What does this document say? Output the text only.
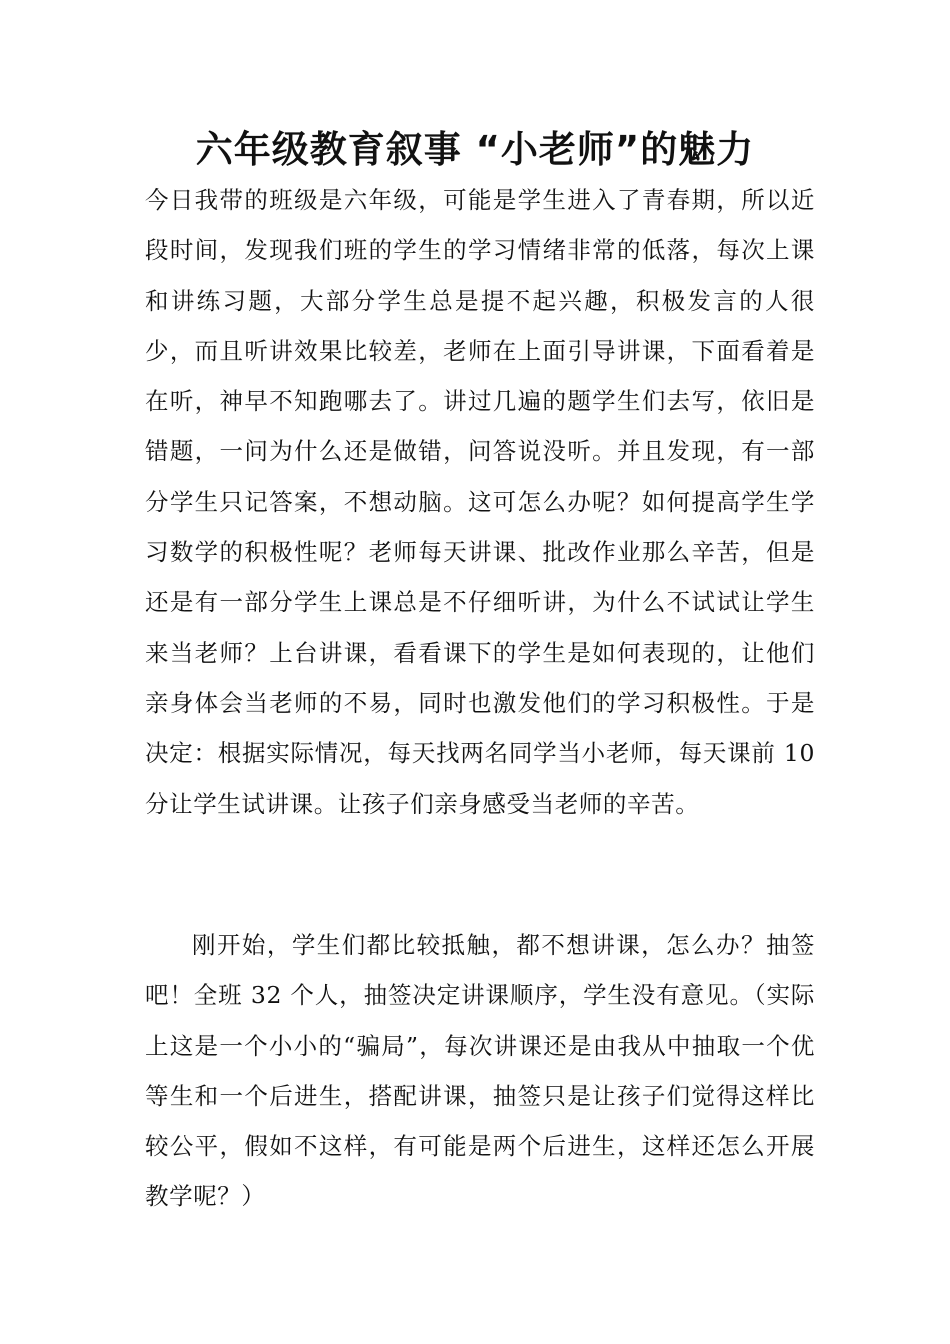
六年级教育叙事 “小老师”的魅力

今日我带的班级是六年级，可能是学生进入了青春期，所以近段时间，发现我们班的学生的学习情绪非常的低落，每次上课和讲练习题，大部分学生总是提不起兴趣，积极发言的人很少，而且听讲效果比较差，老师在上面引导讲课，下面看着是在听，神早不知跑哪去了。讲过几遍的题学生们去写，依旧是错题，一问为什么还是做错，问答说没听。并且发现，有一部分学生只记答案，不想动脑。这可怎么办呢？如何提高学生学习数学的积极性呢？老师每天讲课、批改作业那么辛苦，但是还是有一部分学生上课总是不仔细听讲，为什么不试试让学生来当老师？上台讲课，看看课下的学生是如何表现的，让他们亲身体会当老师的不易，同时也激发他们的学习积极性。于是决定：根据实际情况，每天找两名同学当小老师，每天课前 10 分让学生试讲课。让孩子们亲身感受当老师的辛苦。

刚开始，学生们都比较抵触，都不想讲课，怎么办？抽签吧！全班 32 个人，抽签决定讲课顺序，学生没有意见。（实际上这是一个小小的“骗局”，每次讲课还是由我从中抽取一个优等生和一个后进生，搭配讲课，抽签只是让孩子们觉得这样比较公平，假如不这样，有可能是两个后进生，这样还怎么开展教学呢？）
